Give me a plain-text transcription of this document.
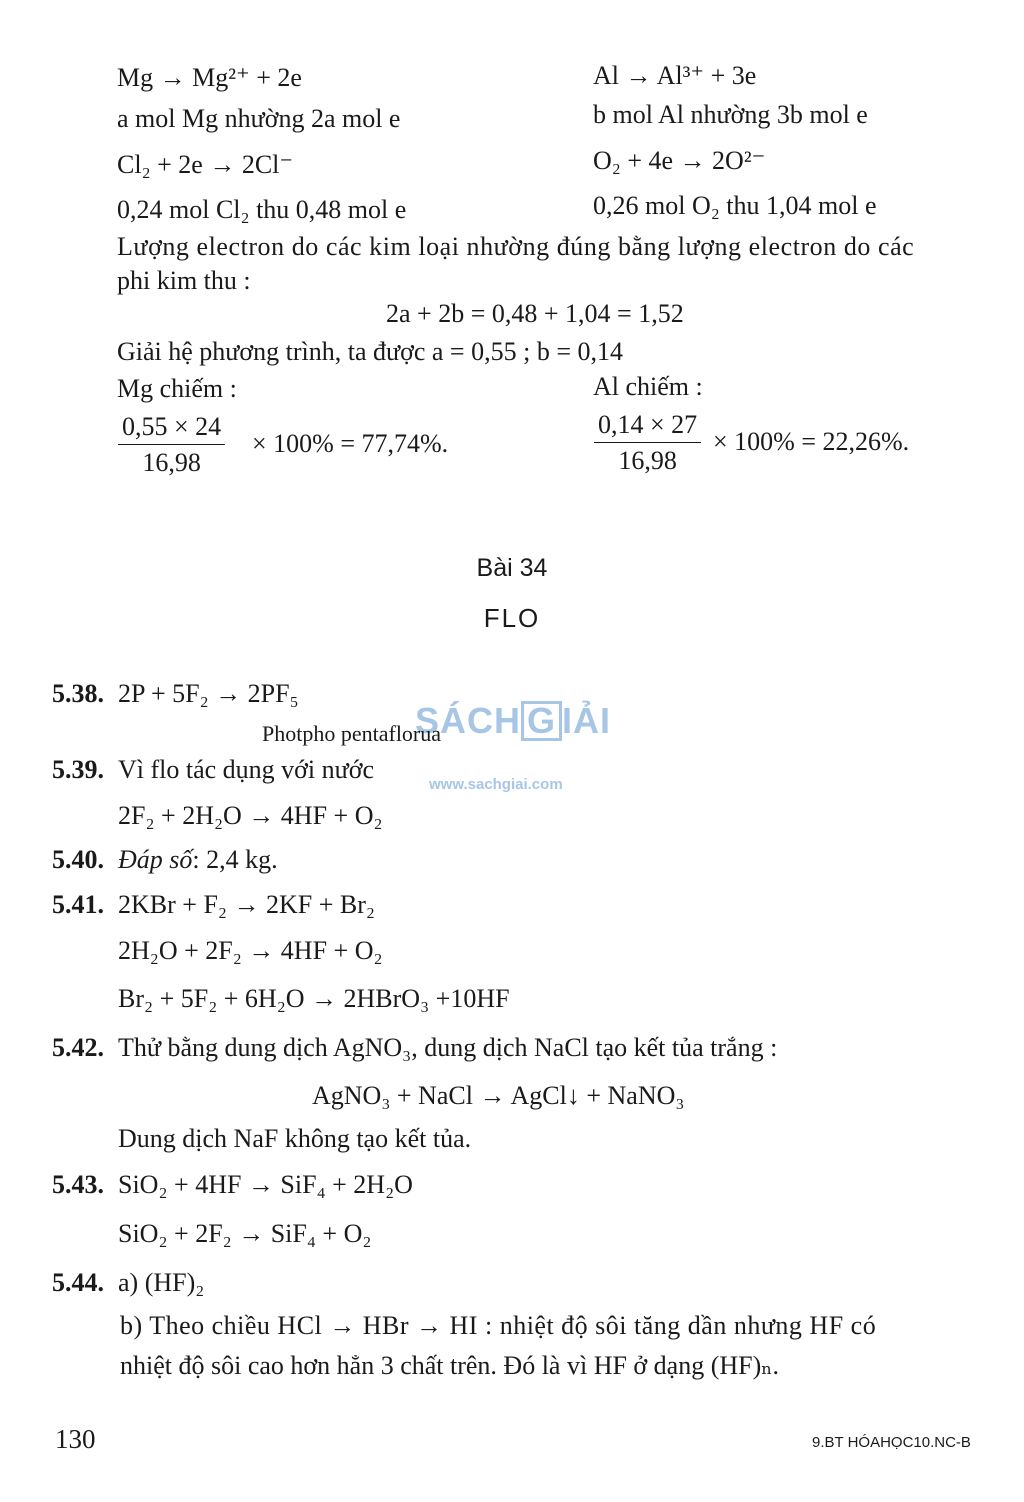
Mg → Mg²⁺ + 2e	Al → Al³⁺ + 3e
a mol Mg nhường 2a mol e	b mol Al nhường 3b mol e
Cl₂ + 2e → 2Cl⁻	O₂ + 4e → 2O²⁻
0,24 mol Cl₂ thu 0,48 mol e	0,26 mol O₂ thu 1,04 mol e
Lượng electron do các kim loại nhường đúng bằng lượng electron do các
phi kim thu :
2a + 2b = 0,48 + 1,04 = 1,52
Giải hệ phương trình, ta được a = 0,55 ; b = 0,14
Mg chiếm :	Al chiếm :
$\frac{0,55 \times 24}{16,98} \times 100\% = 77,74\%$.	$\frac{0,14 \times 27}{16,98} \times 100\% = 22,26\%$.
Bài 34
FLO
SÁCH G IẢI
www.sachgiai.com
5.38. 2P + 5F₂ → 2PF₅
Photpho pentaflorua
5.39. Vì flo tác dụng với nước
2F₂ + 2H₂O → 4HF + O₂
5.40. Đáp số: 2,4 kg.
5.41. 2KBr + F₂ → 2KF + Br₂
2H₂O + 2F₂ → 4HF + O₂
Br₂ + 5F₂ + 6H₂O → 2HBrO₃ +10HF
5.42. Thử bằng dung dịch AgNO₃, dung dịch NaCl tạo kết tủa trắng :
AgNO₃ + NaCl → AgCl↓ + NaNO₃
Dung dịch NaF không tạo kết tủa.
5.43. SiO₂ + 4HF → SiF₄ + 2H₂O
SiO₂ + 2F₂ → SiF₄ + O₂
5.44. a) (HF)₂
b) Theo chiều HCl → HBr → HI : nhiệt độ sôi tăng dần nhưng HF có
nhiệt độ sôi cao hơn hẳn 3 chất trên. Đó là vì HF ở dạng (HF)ₙ.
130	9.BT HÓAHỌC10.NC-B
